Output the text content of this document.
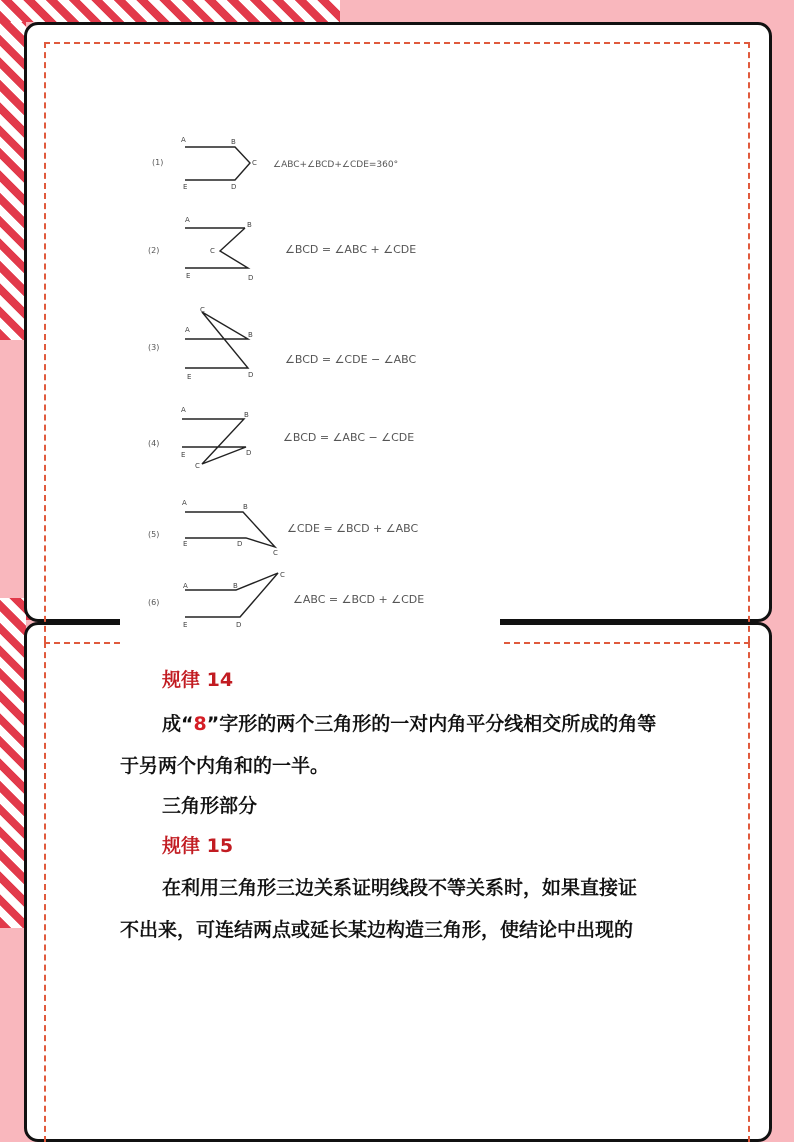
(1)
(2)
(3)
(4)
(5)
(6)
∠ABC+∠BCD+∠CDE=360°
∠BCD = ∠ABC + ∠CDE
∠BCD = ∠CDE − ∠ABC
∠BCD = ∠ABC − ∠CDE
∠CDE = ∠BCD + ∠ABC
∠ABC = ∠BCD + ∠CDE
A	B
C
D
E
A
B
C
D
E
C
A
B
D
E
A
B
E	D
C
A	B
E	D
C
A	B
C
E	D

规律 14

成“8”字形的两个三角形的一对内角平分线相交所成的角等

于另两个内角和的一半。

三角形部分

规律 15

在利用三角形三边关系证明线段不等关系时，如果直接证

不出来，可连结两点或延长某边构造三角形，使结论中出现的
